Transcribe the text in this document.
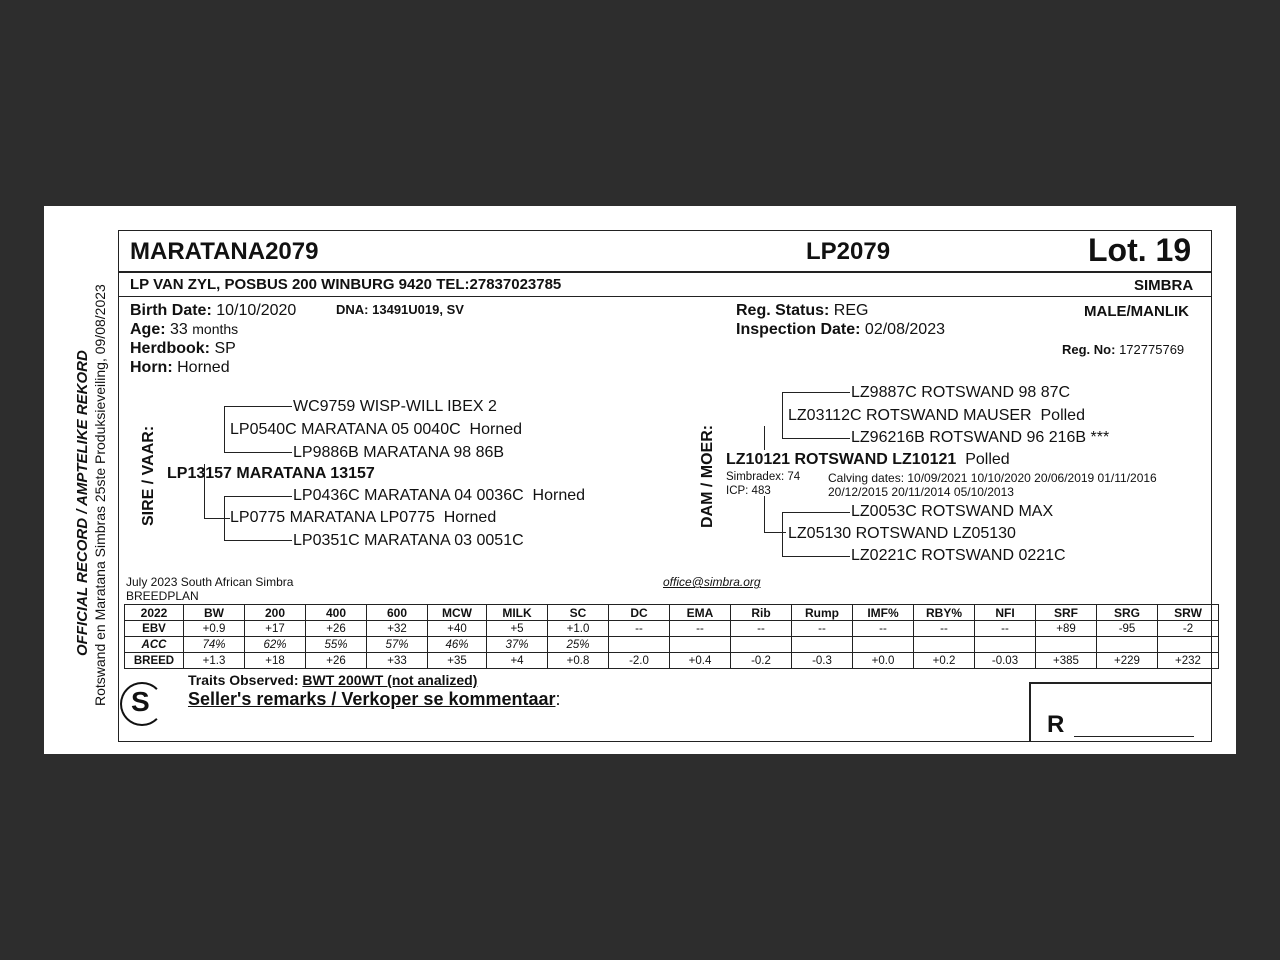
OFFICIAL RECORD / AMPTELIKE REKORD Rotswand en Maratana Simbras 25ste Produksieveiling, 09/08/2023
MARATANA2079	LP2079	Lot. 19
LP VAN ZYL, POSBUS 200 WINBURG 9420 TEL:27837023785	SIMBRA
Birth Date: 10/10/2020	DNA: 13491U019, SV
Age: 33 months
Herdbook: SP
Horn: Horned
Reg. Status: REG
Inspection Date: 02/08/2023
MALE/MANLIK
Reg. No: 172775769
SIRE / VAAR:
WC9759 WISP-WILL IBEX 2
LP0540C MARATANA 05 0040C Horned
LP9886B MARATANA 98 86B
LP13157 MARATANA 13157
LP0436C MARATANA 04 0036C Horned
LP0775 MARATANA LP0775 Horned
LP0351C MARATANA 03 0051C
DAM / MOER:
LZ9887C ROTSWAND 98 87C
LZ03112C ROTSWAND MAUSER Polled
LZ96216B ROTSWAND 96 216B ***
LZ10121 ROTSWAND LZ10121 Polled
Simbradex: 74
ICP: 483
Calving dates: 10/09/2021 10/10/2020 20/06/2019 01/11/2016
20/12/2015 20/11/2014 05/10/2013
LZ0053C ROTSWAND MAX
LZ05130 ROTSWAND LZ05130
LZ0221C ROTSWAND 0221C
July 2023 South African Simbra
BREEDPLAN
office@simbra.org
2022	BW	200	400	600	MCW	MILK	SC	DC	EMA	Rib	Rump	IMF%	RBY%	NFI	SRF	SRG	SRW
EBV	+0.9	+17	+26	+32	+40	+5	+1.0	--	--	--	--	--	--	--	+89	-95	-2
ACC	74%	62%	55%	57%	46%	37%	25%										
BREED	+1.3	+18	+26	+33	+35	+4	+0.8	-2.0	+0.4	-0.2	-0.3	+0.0	+0.2	-0.03	+385	+229	+232
S
Traits Observed: BWT 200WT (not analized)
Seller's remarks / Verkoper se kommentaar:
R
